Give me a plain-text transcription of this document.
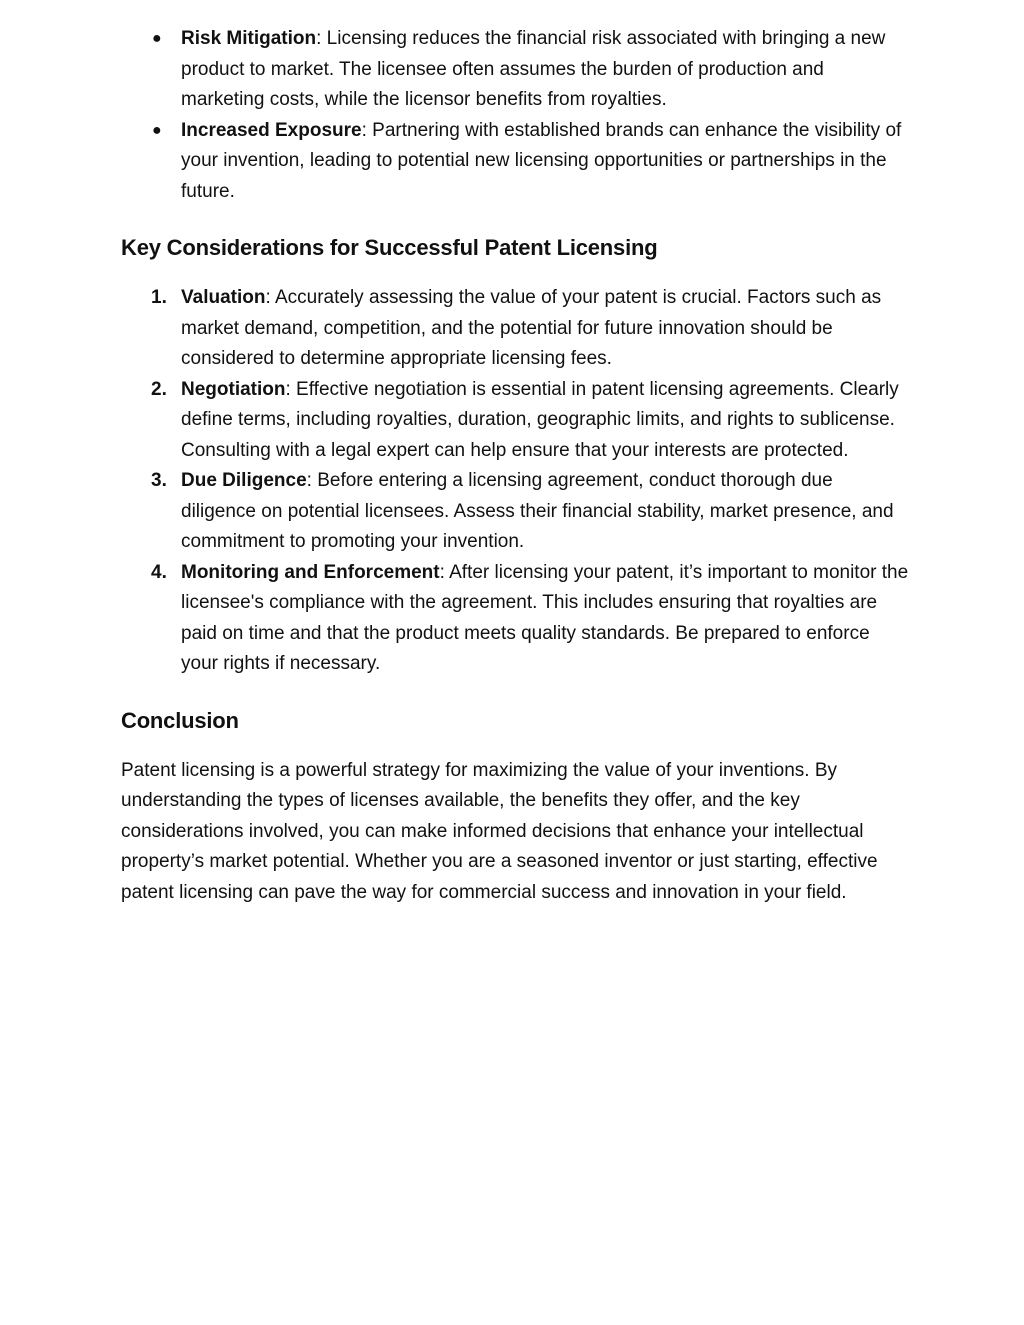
●	Risk Mitigation: Licensing reduces the financial risk associated with bringing a new product to market. The licensee often assumes the burden of production and marketing costs, while the licensor benefits from royalties.
●	Increased Exposure: Partnering with established brands can enhance the visibility of your invention, leading to potential new licensing opportunities or partnerships in the future.
Key Considerations for Successful Patent Licensing
1. Valuation: Accurately assessing the value of your patent is crucial. Factors such as market demand, competition, and the potential for future innovation should be considered to determine appropriate licensing fees.
2. Negotiation: Effective negotiation is essential in patent licensing agreements. Clearly define terms, including royalties, duration, geographic limits, and rights to sublicense. Consulting with a legal expert can help ensure that your interests are protected.
3. Due Diligence: Before entering a licensing agreement, conduct thorough due diligence on potential licensees. Assess their financial stability, market presence, and commitment to promoting your invention.
4. Monitoring and Enforcement: After licensing your patent, it’s important to monitor the licensee's compliance with the agreement. This includes ensuring that royalties are paid on time and that the product meets quality standards. Be prepared to enforce your rights if necessary.
Conclusion

Patent licensing is a powerful strategy for maximizing the value of your inventions. By understanding the types of licenses available, the benefits they offer, and the key considerations involved, you can make informed decisions that enhance your intellectual property’s market potential. Whether you are a seasoned inventor or just starting, effective patent licensing can pave the way for commercial success and innovation in your field.
